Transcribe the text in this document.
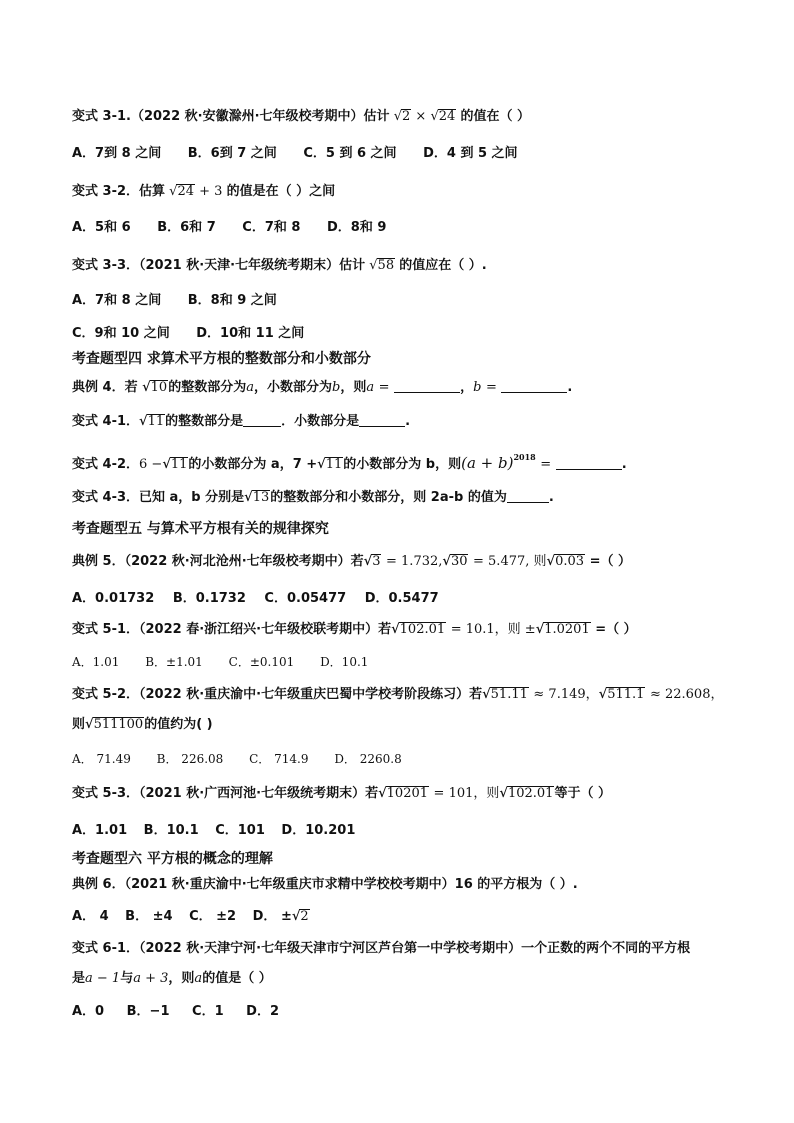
变式 3-1.（2022 秋·安徽滁州·七年级校考期中）估计 √2 × √24 的值在（ ）
A．7到 8 之间 B．6到 7 之间 C．5 到 6 之间 D．4 到 5 之间
变式 3-2．估算 √24 + 3 的值是在（ ）之间
A．5和 6 B．6和 7 C．7和 8 D．8和 9
变式 3-3．（2021 秋·天津·七年级统考期末）估计 √58 的值应在（ ）.
A．7和 8 之间 B．8和 9 之间
C．9和 10 之间 D．10和 11 之间
考查题型四 求算术平方根的整数部分和小数部分
典例 4．若 √10的整数部分为a，小数部分为b，则a =	，b =	.
变式 4-1．√11的整数部分是	．小数部分是	.
变式 4-2．6 −√11的小数部分为 a，7 +√11的小数部分为 b，则$(a + b)^{2018}$ =	.
变式 4-3．已知 a，b 分别是√13的整数部分和小数部分，则 2a-b 的值为	.
考查题型五 与算术平方根有关的规律探究
典例 5．（2022 秋·河北沧州·七年级校考期中）若√3 = 1.732,√30 = 5.477, 则√0.03 =（ ）
A．0.01732 B．0.1732 C．0.05477 D．0.5477
变式 5-1．（2022 春·浙江绍兴·七年级校联考期中）若√102.01 = 10.1，则 ±√1.0201 =（ ）
A．1.01 B．±1.01 C．±0.101 D．10.1
变式 5-2．（2022 秋·重庆渝中·七年级重庆巴蜀中学校考阶段练习）若√51.11 ≈ 7.149，√511.1 ≈ 22.608，
则√511100的值约为( )
A． 71.49 B． 226.08 C． 714.9 D． 2260.8
变式 5-3．（2021 秋·广西河池·七年级统考期末）若√10201 = 101，则√102.01等于（ ）
A．1.01 B．10.1 C．101 D．10.201
考查题型六 平方根的概念的理解
典例 6．（2021 秋·重庆渝中·七年级重庆市求精中学校校考期中）16 的平方根为（ ）.
A． 4 B． ±4 C． ±2 D． ±√2
变式 6-1．（2022 秋·天津宁河·七年级天津市宁河区芦台第一中学校考期中）一个正数的两个不同的平方根
是a − 1与a + 3，则a的值是（ ）
A．0 B．−1 C．1 D．2
